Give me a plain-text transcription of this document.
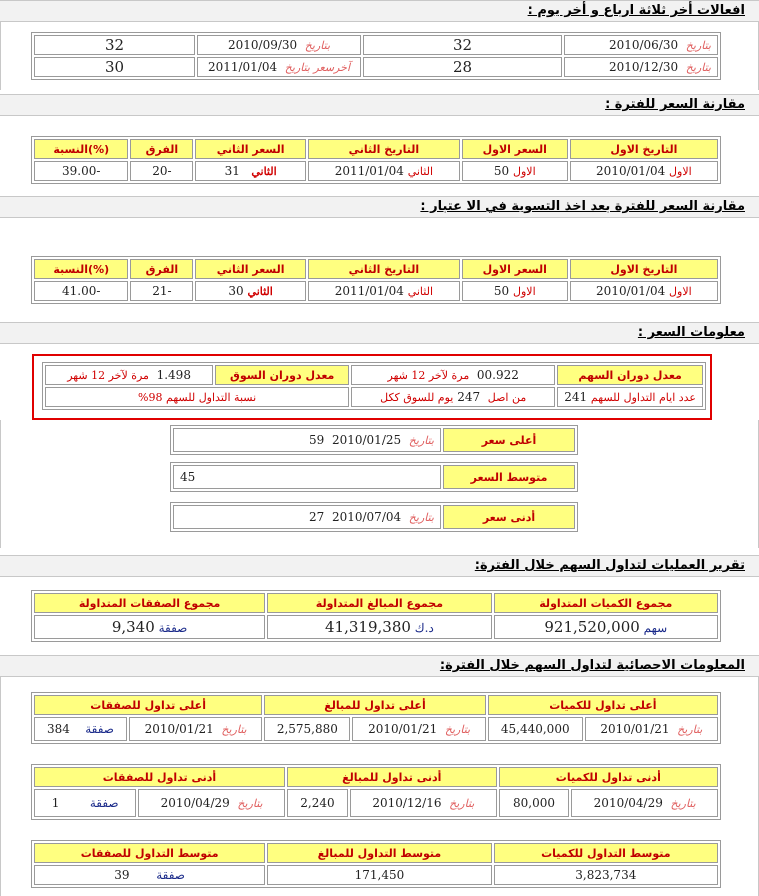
افعالات أخر ثلاثة ارباع و أخر يوم :
بتاريخ  2010/06/30	32	بتاريخ  2010/09/30	32
بتاريخ  2010/12/30	28	آخرسعر بتاريخ  2011/01/04	30
مقارنة السعر للفترة :
التاريخ الاول	السعر الاول	التاريخ الثاني	السعر الثاني	الفرق	(%)النسبة
الاول 2010/01/04	الاول 50	الثاني 2011/01/04	الثاني   31	-20	-39.00
مقارنة السعر للفترة بعد اخذ التسوية في الا عتبار :
التاريخ الاول	السعر الاول	التاريخ الثاني	السعر الثاني	الفرق	(%)النسبة
الاول 2010/01/04	الاول 50	الثاني 2011/01/04	الثاني 30	-21	-41.00
معلومات السعر :
معدل دوران السهم	00.922  مرة لآخر 12 شهر	معدل دوران السوق	1.498  مرة لآخر 12 شهر
عدد ايام التداول للسهم 241	من اصل  247 يوم للسوق ككل	نسبة التداول للسهم 98%	
أعلى سعر	بتاريخ  2010/01/25  59
متوسط السعر	45
أدنى سعر	بتاريخ  2010/07/04  27
تقرير العمليات لتداول السهم خلال الفترة:
مجموع الكميات المتداولة	مجموع المبالغ المتداولة	مجموع الصفقات المتداولة
سهم 921,520,000	د.ك 41,319,380	صفقة 9,340
المعلومات الاحصائية لتداول السهم خلال الفترة:
أعلى تداول للكميات		أعلى تداول للمبالغ		أعلى تداول للصفقات	
بتاريخ  2010/01/21	45,440,000	بتاريخ  2010/01/21	2,575,880	بتاريخ  2010/01/21	صفقة    384
أدنى تداول للكميات		أدنى تداول للمبالغ		أدنى تداول للصفقات	
بتاريخ  2010/04/29	80,000	بتاريخ  2010/12/16	2,240	بتاريخ  2010/04/29	صفقة        1
متوسط التداول للكميات	متوسط التداول للمبالغ	متوسط التداول للصفقات
3,823,734	171,450	صفقة       39
